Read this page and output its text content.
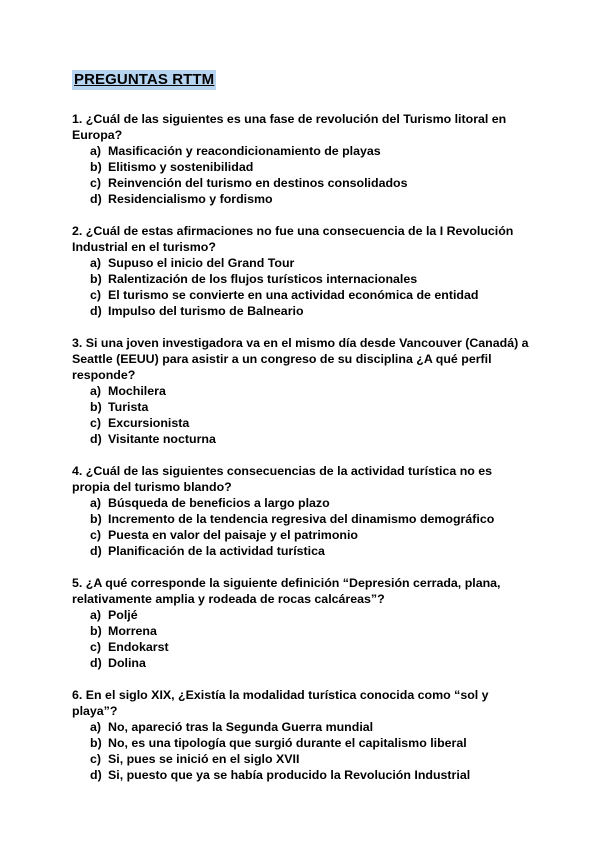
PREGUNTAS RTTM
1. ¿Cuál de las siguientes es una fase de revolución del Turismo litoral en Europa?
a) Masificación y reacondicionamiento de playas
b) Elitismo y sostenibilidad
c) Reinvención del turismo en destinos consolidados
d) Residencialismo y fordismo
2. ¿Cuál de estas afirmaciones no fue una consecuencia de la I Revolución Industrial en el turismo?
a) Supuso el inicio del Grand Tour
b) Ralentización de los flujos turísticos internacionales
c) El turismo se convierte en una actividad económica de entidad
d) Impulso del turismo de Balneario
3. Si una joven investigadora va en el mismo día desde Vancouver (Canadá) a Seattle (EEUU) para asistir a un congreso de su disciplina ¿A qué perfil responde?
a) Mochilera
b) Turista
c) Excursionista
d) Visitante nocturna
4. ¿Cuál de las siguientes consecuencias de la actividad turística no es propia del turismo blando?
a) Búsqueda de beneficios a largo plazo
b) Incremento de la tendencia regresiva del dinamismo demográfico
c) Puesta en valor del paisaje y el patrimonio
d) Planificación de la actividad turística
5. ¿A qué corresponde la siguiente definición “Depresión cerrada, plana, relativamente amplia y rodeada de rocas calcáreas”?
a) Poljé
b) Morrena
c) Endokarst
d) Dolina
6. En el siglo XIX, ¿Existía la modalidad turística conocida como “sol y playa”?
a) No, apareció tras la Segunda Guerra mundial
b) No, es una tipología que surgió durante el capitalismo liberal
c) Si, pues se inició en el siglo XVII
d) Si, puesto que ya se había producido la Revolución Industrial
